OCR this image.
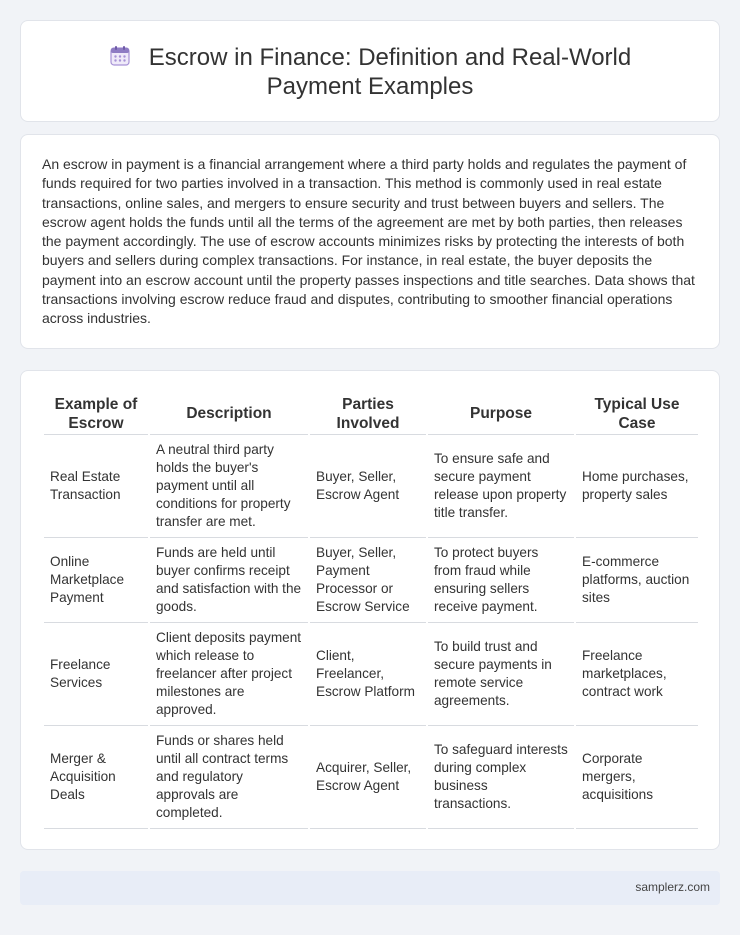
Escrow in Finance: Definition and Real-World Payment Examples

An escrow in payment is a financial arrangement where a third party holds and regulates the payment of funds required for two parties involved in a transaction. This method is commonly used in real estate transactions, online sales, and mergers to ensure security and trust between buyers and sellers. The escrow agent holds the funds until all the terms of the agreement are met by both parties, then releases the payment accordingly. The use of escrow accounts minimizes risks by protecting the interests of both buyers and sellers during complex transactions. For instance, in real estate, the buyer deposits the payment into an escrow account until the property passes inspections and title searches. Data shows that transactions involving escrow reduce fraud and disputes, contributing to smoother financial operations across industries.

Example of Escrow	Description	Parties Involved	Purpose	Typical Use Case
Real Estate Transaction	A neutral third party holds the buyer's payment until all conditions for property transfer are met.	Buyer, Seller, Escrow Agent	To ensure safe and secure payment release upon property title transfer.	Home purchases, property sales
Online Marketplace Payment	Funds are held until buyer confirms receipt and satisfaction with the goods.	Buyer, Seller, Payment Processor or Escrow Service	To protect buyers from fraud while ensuring sellers receive payment.	E-commerce platforms, auction sites
Freelance Services	Client deposits payment which release to freelancer after project milestones are approved.	Client, Freelancer, Escrow Platform	To build trust and secure payments in remote service agreements.	Freelance marketplaces, contract work
Merger & Acquisition Deals	Funds or shares held until all contract terms and regulatory approvals are completed.	Acquirer, Seller, Escrow Agent	To safeguard interests during complex business transactions.	Corporate mergers, acquisitions
samplerz.com
